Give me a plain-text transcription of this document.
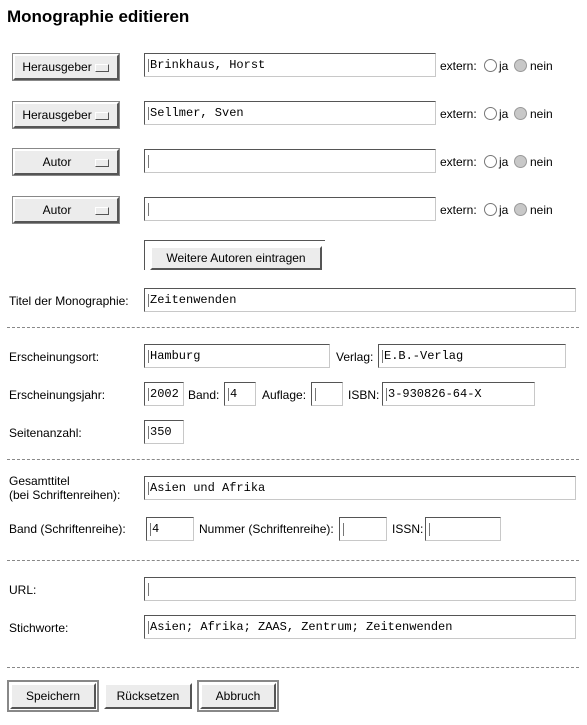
Monographie editieren
Herausgeber	Brinkhaus, Horst	extern: ja nein
Herausgeber	Sellmer, Sven	extern: ja nein
Autor	extern: ja nein
Autor	extern: ja nein
Weitere Autoren eintragen
Titel der Monographie:	Zeitenwenden
Erscheinungsort:	Hamburg	Verlag: E.B.-Verlag
Erscheinungsjahr:	2002 Band: 4	Auflage:	ISBN: 3-930826-64-X
Seitenanzahl:	350
Gesamttitel
(bei Schriftenreihen):	Asien und Afrika
Band (Schriftenreihe):	4	Nummer (Schriftenreihe):	ISSN:
URL:
Stichworte:	Asien; Afrika; ZAAS, Zentrum; Zeitenwenden
Speichern	Rücksetzen	Abbruch
